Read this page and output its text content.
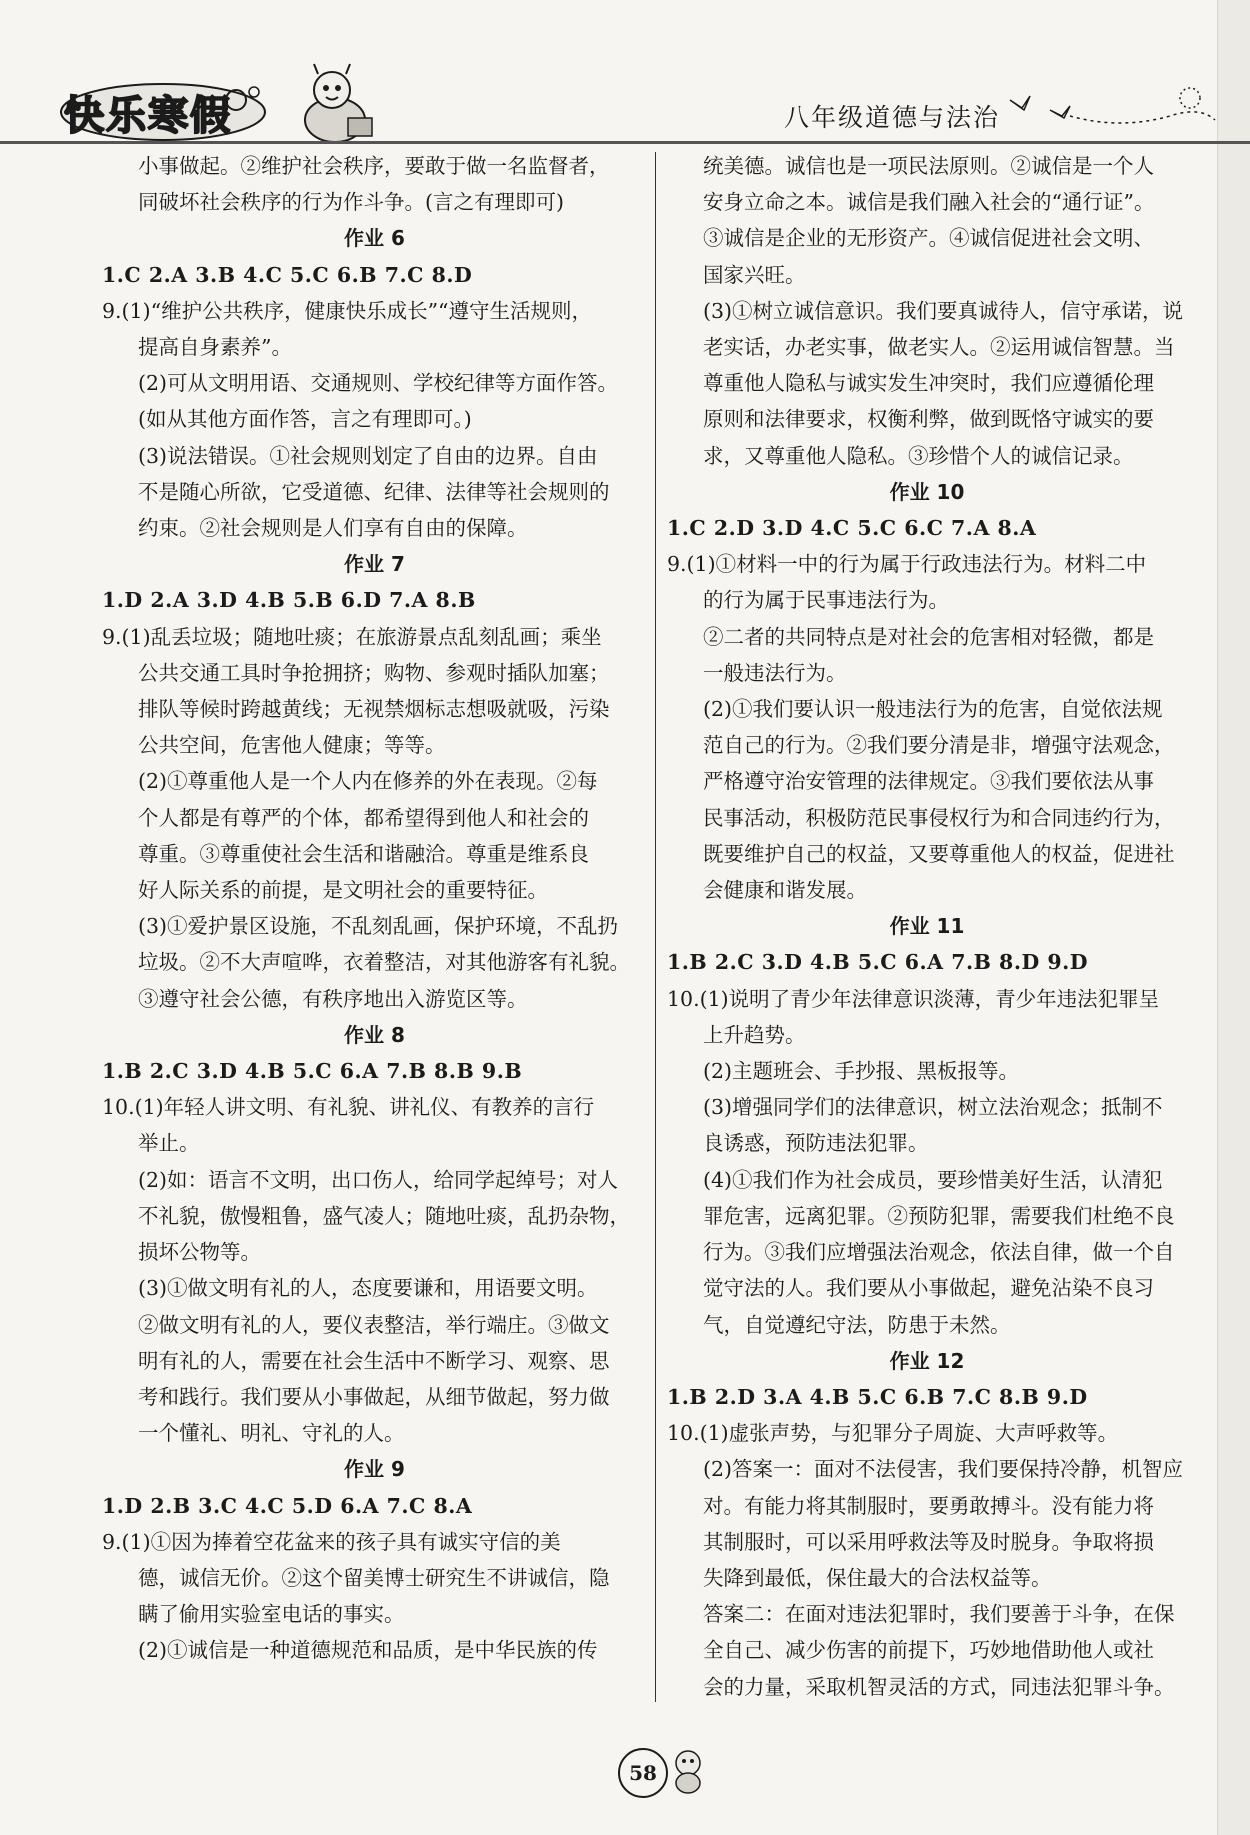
快乐寒假	八年级道德与法治
小事做起。②维护社会秩序，要敢于做一名监督者，
同破坏社会秩序的行为作斗争。(言之有理即可)
作业 6
1.C 2.A 3.B 4.C 5.C 6.B 7.C 8.D
9.(1)“维护公共秩序，健康快乐成长”“遵守生活规则，
提高自身素养”。
(2)可从文明用语、交通规则、学校纪律等方面作答。
(如从其他方面作答，言之有理即可。)
(3)说法错误。①社会规则划定了自由的边界。自由
不是随心所欲，它受道德、纪律、法律等社会规则的
约束。②社会规则是人们享有自由的保障。
作业 7
1.D 2.A 3.D 4.B 5.B 6.D 7.A 8.B
9.(1)乱丢垃圾；随地吐痰；在旅游景点乱刻乱画；乘坐
公共交通工具时争抢拥挤；购物、参观时插队加塞；
排队等候时跨越黄线；无视禁烟标志想吸就吸，污染
公共空间，危害他人健康；等等。
(2)①尊重他人是一个人内在修养的外在表现。②每
个人都是有尊严的个体，都希望得到他人和社会的
尊重。③尊重使社会生活和谐融洽。尊重是维系良
好人际关系的前提，是文明社会的重要特征。
(3)①爱护景区设施，不乱刻乱画，保护环境，不乱扔
垃圾。②不大声喧哗，衣着整洁，对其他游客有礼貌。
③遵守社会公德，有秩序地出入游览区等。
作业 8
1.B 2.C 3.D 4.B 5.C 6.A 7.B 8.B 9.B
10.(1)年轻人讲文明、有礼貌、讲礼仪、有教养的言行
举止。
(2)如：语言不文明，出口伤人，给同学起绰号；对人
不礼貌，傲慢粗鲁，盛气凌人；随地吐痰，乱扔杂物，
损坏公物等。
(3)①做文明有礼的人，态度要谦和，用语要文明。
②做文明有礼的人，要仪表整洁，举行端庄。③做文
明有礼的人，需要在社会生活中不断学习、观察、思
考和践行。我们要从小事做起，从细节做起，努力做
一个懂礼、明礼、守礼的人。
作业 9
1.D 2.B 3.C 4.C 5.D 6.A 7.C 8.A
9.(1)①因为捧着空花盆来的孩子具有诚实守信的美
德，诚信无价。②这个留美博士研究生不讲诚信，隐
瞒了偷用实验室电话的事实。
(2)①诚信是一种道德规范和品质，是中华民族的传
统美德。诚信也是一项民法原则。②诚信是一个人
安身立命之本。诚信是我们融入社会的“通行证”。
③诚信是企业的无形资产。④诚信促进社会文明、
国家兴旺。
(3)①树立诚信意识。我们要真诚待人，信守承诺，说
老实话，办老实事，做老实人。②运用诚信智慧。当
尊重他人隐私与诚实发生冲突时，我们应遵循伦理
原则和法律要求，权衡利弊，做到既恪守诚实的要
求，又尊重他人隐私。③珍惜个人的诚信记录。
作业 10
1.C 2.D 3.D 4.C 5.C 6.C 7.A 8.A
9.(1)①材料一中的行为属于行政违法行为。材料二中
的行为属于民事违法行为。
②二者的共同特点是对社会的危害相对轻微，都是
一般违法行为。
(2)①我们要认识一般违法行为的危害，自觉依法规
范自己的行为。②我们要分清是非，增强守法观念，
严格遵守治安管理的法律规定。③我们要依法从事
民事活动，积极防范民事侵权行为和合同违约行为，
既要维护自己的权益，又要尊重他人的权益，促进社
会健康和谐发展。
作业 11
1.B 2.C 3.D 4.B 5.C 6.A 7.B 8.D 9.D
10.(1)说明了青少年法律意识淡薄，青少年违法犯罪呈
上升趋势。
(2)主题班会、手抄报、黑板报等。
(3)增强同学们的法律意识，树立法治观念；抵制不
良诱惑，预防违法犯罪。
(4)①我们作为社会成员，要珍惜美好生活，认清犯
罪危害，远离犯罪。②预防犯罪，需要我们杜绝不良
行为。③我们应增强法治观念，依法自律，做一个自
觉守法的人。我们要从小事做起，避免沾染不良习
气，自觉遵纪守法，防患于未然。
作业 12
1.B 2.D 3.A 4.B 5.C 6.B 7.C 8.B 9.D
10.(1)虚张声势，与犯罪分子周旋、大声呼救等。
(2)答案一：面对不法侵害，我们要保持冷静，机智应
对。有能力将其制服时，要勇敢搏斗。没有能力将
其制服时，可以采用呼救法等及时脱身。争取将损
失降到最低，保住最大的合法权益等。
答案二：在面对违法犯罪时，我们要善于斗争，在保
全自己、减少伤害的前提下，巧妙地借助他人或社
会的力量，采取机智灵活的方式，同违法犯罪斗争。
58
